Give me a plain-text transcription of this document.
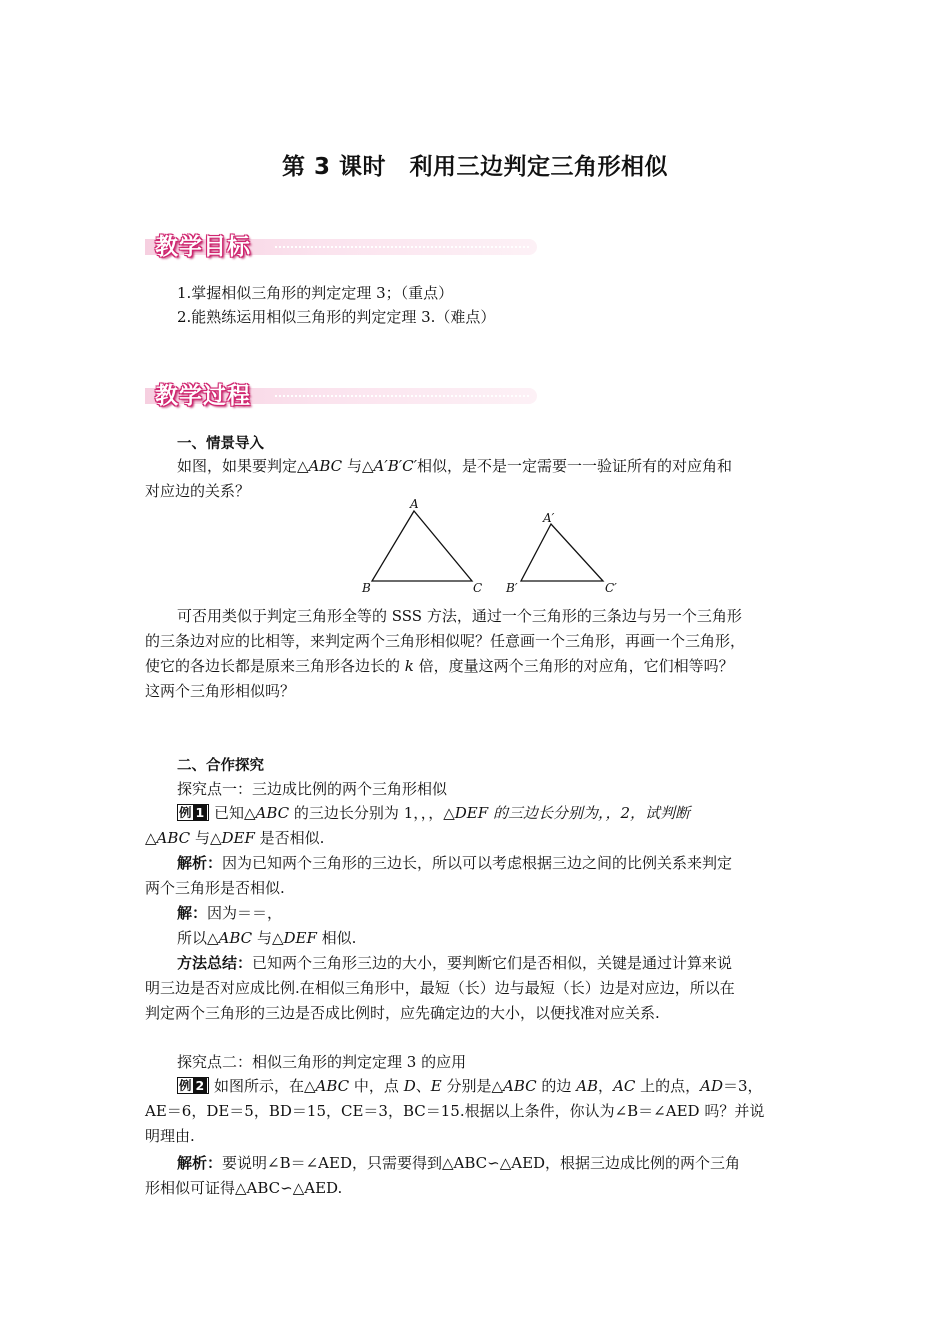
第 3 课时　利用三边判定三角形相似
教学目标
1.掌握相似三角形的判定定理 3；（重点）
2.能熟练运用相似三角形的判定定理 3.（难点）
教学过程
一、情景导入
如图，如果要判定△ABC 与△A′B′C′相似，是不是一定需要一一验证所有的对应角和
对应边的关系？
A
B	C
A′
B′	C′
可否用类似于判定三角形全等的 SSS 方法，通过一个三角形的三条边与另一个三角形
的三条边对应的比相等，来判定两个三角形相似呢？任意画一个三角形，再画一个三角形，
使它的各边长都是原来三角形各边长的 k 倍，度量这两个三角形的对应角，它们相等吗？
这两个三角形相似吗？
二、合作探究
探究点一：三边成比例的两个三角形相似
例 1 已知△ABC 的三边长分别为 1，，，△DEF 的三边长分别为，，2，试判断
△ABC 与△DEF 是否相似.
解析：因为已知两个三角形的三边长，所以可以考虑根据三边之间的比例关系来判定
两个三角形是否相似.
解：因为＝＝，
所以△ABC 与△DEF 相似.
方法总结：已知两个三角形三边的大小，要判断它们是否相似，关键是通过计算来说
明三边是否对应成比例.在相似三角形中，最短（长）边与最短（长）边是对应边，所以在
判定两个三角形的三边是否成比例时，应先确定边的大小，以便找准对应关系.
探究点二：相似三角形的判定定理 3 的应用
例 2 如图所示，在△ABC 中，点 D、E 分别是△ABC 的边 AB，AC 上的点，AD＝3，
AE＝6，DE＝5，BD＝15，CE＝3，BC＝15.根据以上条件，你认为∠B＝∠AED 吗？并说
明理由.
解析：要说明∠B＝∠AED，只需要得到△ABC∽△AED，根据三边成比例的两个三角
形相似可证得△ABC∽△AED.
